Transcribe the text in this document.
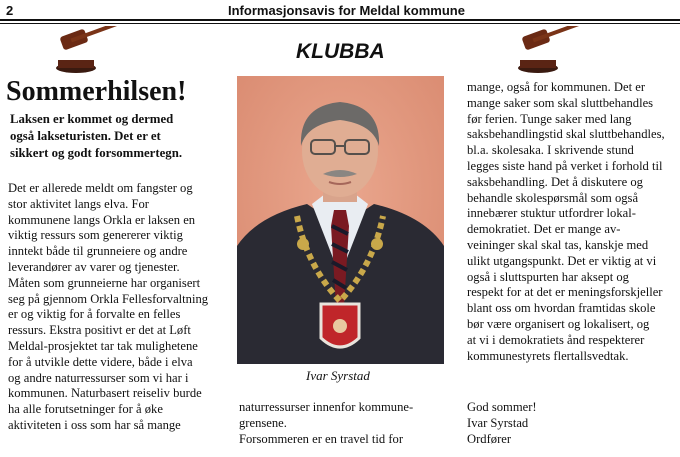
2	Informasjonsavis for Meldal kommune
KLUBBA
Sommerhilsen!
Laksen er kommet og dermed
også lakseturisten. Det er et
sikkert og godt forsommertegn.
Det er allerede meldt om fangster og
stor aktivitet langs elva. For
kommunene langs Orkla er laksen en
viktig ressurs som genererer viktig
inntekt både til grunneiere og andre
leverandører av varer og tjenester.
Måten som grunneierne har organisert
seg på gjennom Orkla Fellesforvaltning
er og viktig for å forvalte en felles
ressurs. Ekstra positivt er det at Løft
Meldal-prosjektet tar tak mulighetene
for å utvikle dette videre, både i elva
og andre naturressurser som vi har i
kommunen. Naturbasert reiseliv burde
ha alle forutsetninger for å øke
aktiviteten i oss som har så mange
Ivar Syrstad
naturressurser innenfor kommune-
grensene.
Forsommeren er en travel tid for
mange, også for kommunen. Det er
mange saker som skal sluttbehandles
før ferien. Tunge saker med lang
saksbehandlingstid skal sluttbehandles,
bl.a. skolesaka. I skrivende stund
legges siste hand på verket i forhold til
saksbehandling. Det å diskutere og
behandle skolespørsmål som også
innebærer stuktur utfordrer lokal-
demokratiet. Det er mange av-
veininger skal skal tas, kanskje med
ulikt utgangspunkt. Det er viktig at vi
også i sluttspurten har aksept og
respekt for at det er meningsforskjeller
blant oss om hvordan framtidas skole
bør være organisert og lokalisert, og
at vi i demokratiets ånd respekterer
kommunestyrets flertallsvedtak.
God sommer!
Ivar Syrstad
Ordfører
